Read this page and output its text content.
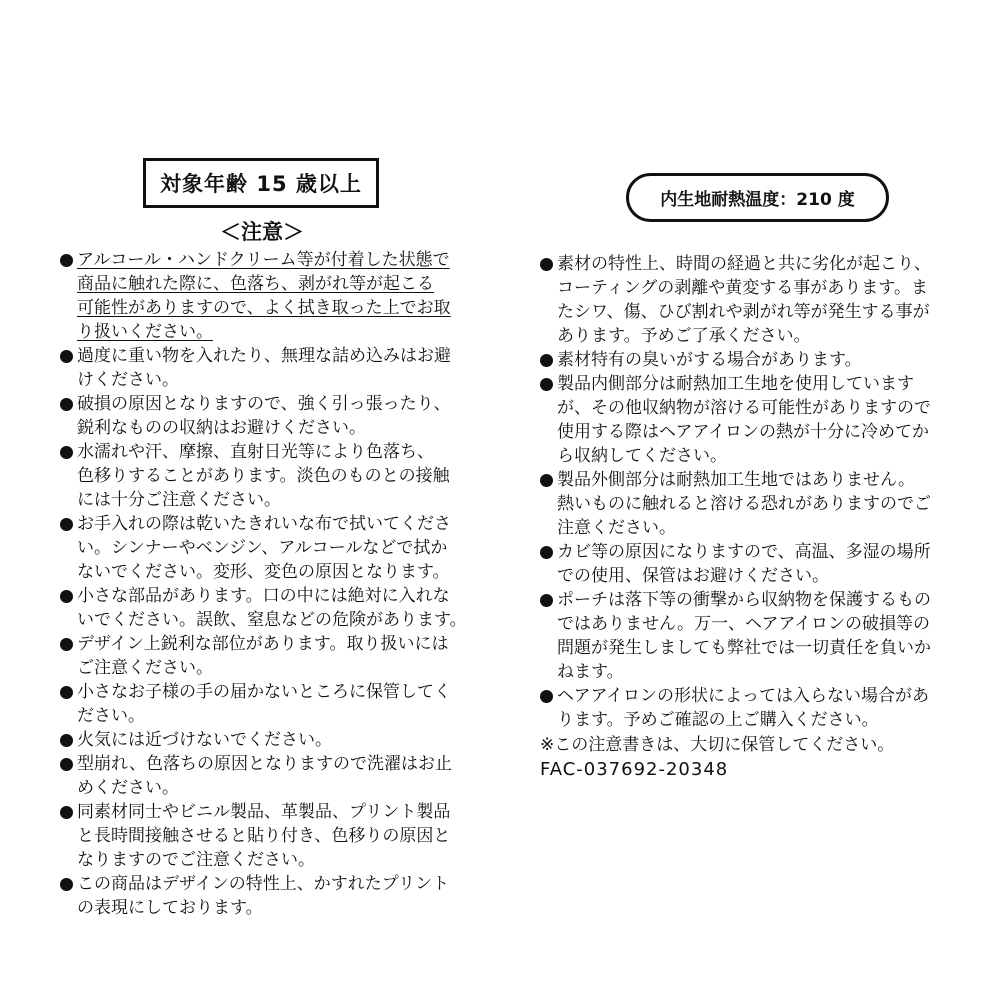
対象年齢 15 歳以上
＜注意＞
内生地耐熱温度：210 度
アルコール・ハンドクリーム等が付着した状態で
商品に触れた際に、色落ち、剥がれ等が起こる
可能性がありますので、よく拭き取った上でお取
り扱いください。
過度に重い物を入れたり、無理な詰め込みはお避
けください。
破損の原因となりますので、強く引っ張ったり、
鋭利なものの収納はお避けください。
水濡れや汗、摩擦、直射日光等により色落ち、
色移りすることがあります。淡色のものとの接触
には十分ご注意ください。
お手入れの際は乾いたきれいな布で拭いてくださ
い。シンナーやベンジン、アルコールなどで拭か
ないでください。変形、変色の原因となります。
小さな部品があります。口の中には絶対に入れな
いでください。誤飲、窒息などの危険があります。
デザイン上鋭利な部位があります。取り扱いには
ご注意ください。
小さなお子様の手の届かないところに保管してく
ださい。
火気には近づけないでください。
型崩れ、色落ちの原因となりますので洗濯はお止
めください。
同素材同士やビニル製品、革製品、プリント製品
と長時間接触させると貼り付き、色移りの原因と
なりますのでご注意ください。
この商品はデザインの特性上、かすれたプリント
の表現にしております。
素材の特性上、時間の経過と共に劣化が起こり、
コーティングの剥離や黄変する事があります。ま
たシワ、傷、ひび割れや剥がれ等が発生する事が
あります。予めご了承ください。
素材特有の臭いがする場合があります。
製品内側部分は耐熱加工生地を使用しています
が、その他収納物が溶ける可能性がありますので
使用する際はヘアアイロンの熱が十分に冷めてか
ら収納してください。
製品外側部分は耐熱加工生地ではありません。
熱いものに触れると溶ける恐れがありますのでご
注意ください。
カビ等の原因になりますので、高温、多湿の場所
での使用、保管はお避けください。
ポーチは落下等の衝撃から収納物を保護するもの
ではありません。万一、ヘアアイロンの破損等の
問題が発生しましても弊社では一切責任を負いか
ねます。
ヘアアイロンの形状によっては入らない場合があ
ります。予めご確認の上ご購入ください。
※この注意書きは、大切に保管してください。
FAC-037692-20348
